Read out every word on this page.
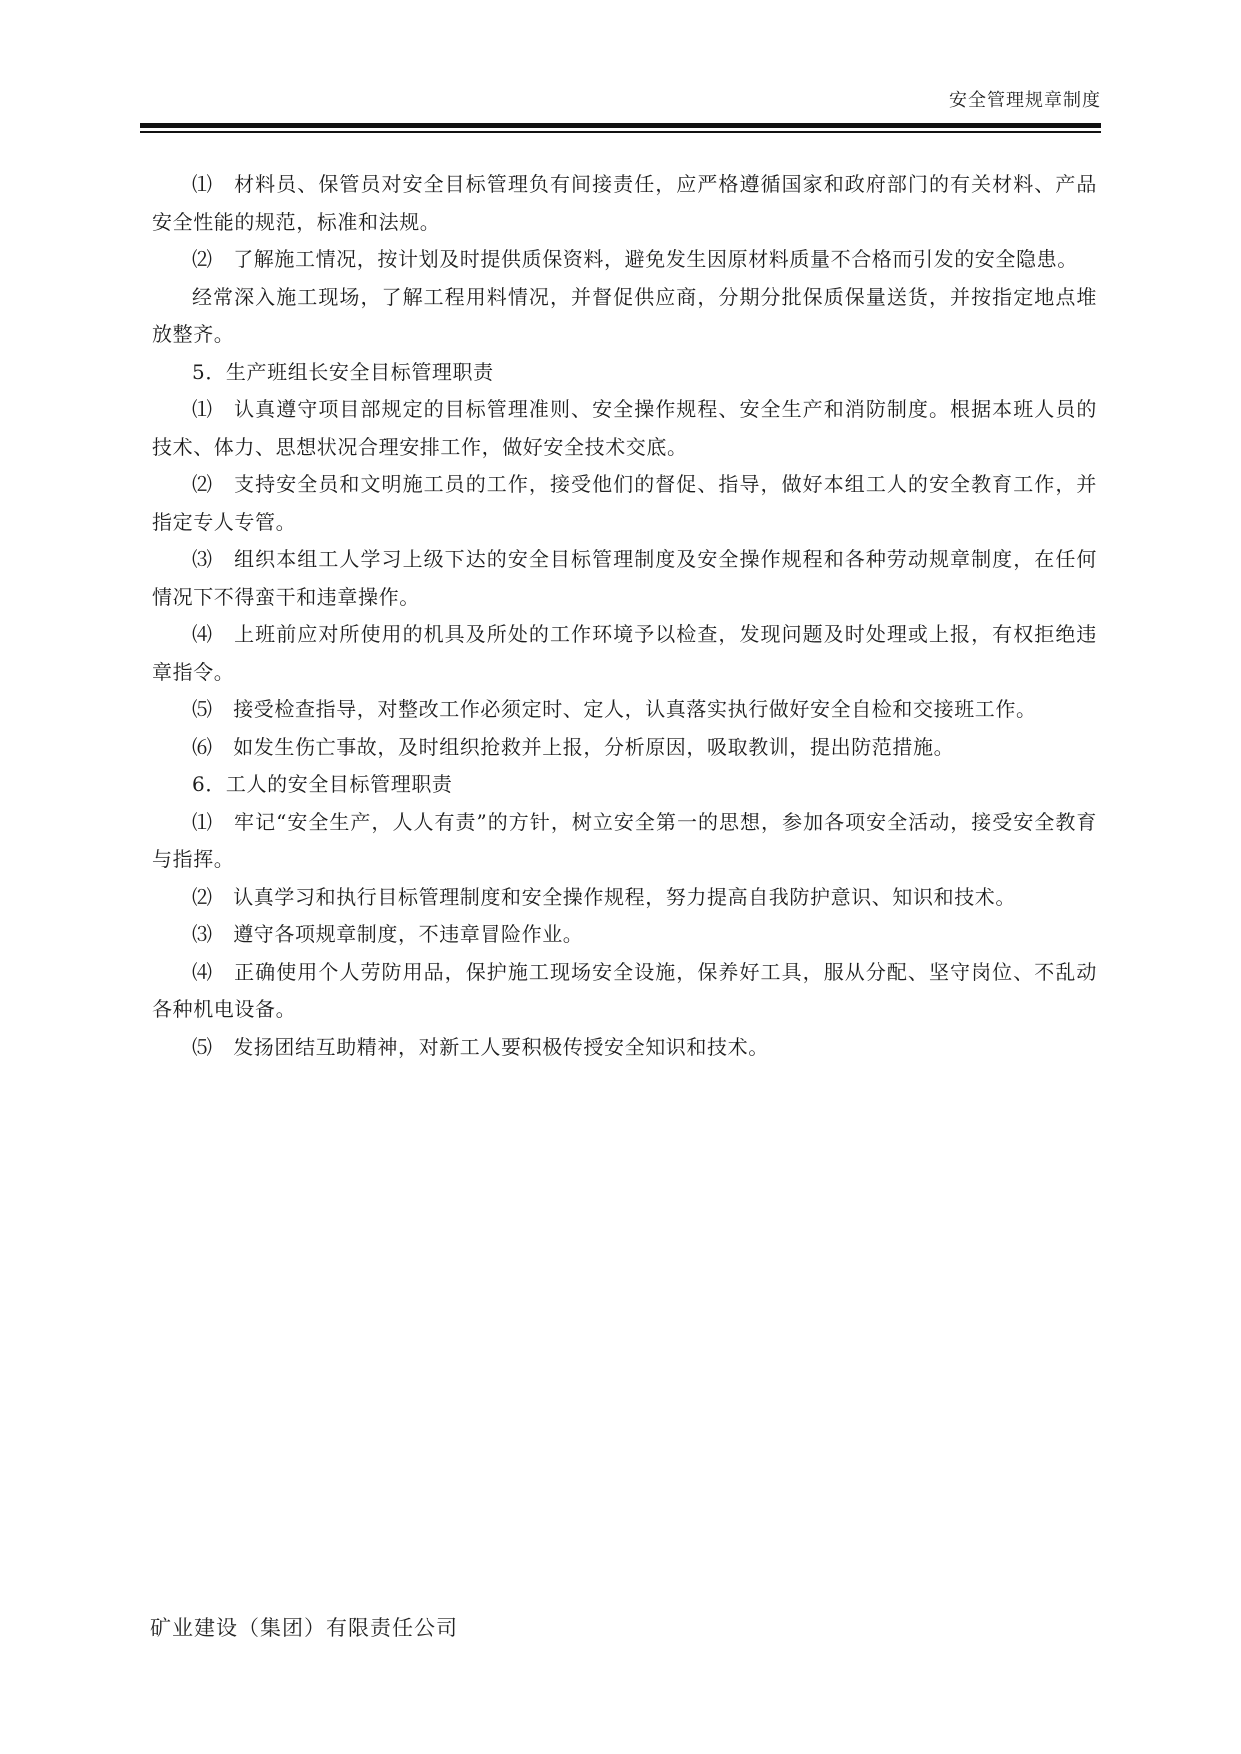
安全管理规章制度

⑴　材料员、保管员对安全目标管理负有间接责任，应严格遵循国家和政府部门的有关材料、产品安全性能的规范，标准和法规。

⑵　了解施工情况，按计划及时提供质保资料，避免发生因原材料质量不合格而引发的安全隐患。

经常深入施工现场，了解工程用料情况，并督促供应商，分期分批保质保量送货，并按指定地点堆放整齐。

5．生产班组长安全目标管理职责

⑴　认真遵守项目部规定的目标管理准则、安全操作规程、安全生产和消防制度。根据本班人员的技术、体力、思想状况合理安排工作，做好安全技术交底。

⑵　支持安全员和文明施工员的工作，接受他们的督促、指导，做好本组工人的安全教育工作，并指定专人专管。

⑶　组织本组工人学习上级下达的安全目标管理制度及安全操作规程和各种劳动规章制度，在任何情况下不得蛮干和违章操作。

⑷　上班前应对所使用的机具及所处的工作环境予以检查，发现问题及时处理或上报，有权拒绝违章指令。

⑸　接受检查指导，对整改工作必须定时、定人，认真落实执行做好安全自检和交接班工作。

⑹　如发生伤亡事故，及时组织抢救并上报，分析原因，吸取教训，提出防范措施。

6．工人的安全目标管理职责

⑴　牢记“安全生产，人人有责”的方针，树立安全第一的思想，参加各项安全活动，接受安全教育与指挥。

⑵　认真学习和执行目标管理制度和安全操作规程，努力提高自我防护意识、知识和技术。

⑶　遵守各项规章制度，不违章冒险作业。

⑷　正确使用个人劳防用品，保护施工现场安全设施，保养好工具，服从分配、坚守岗位、不乱动各种机电设备。

⑸　发扬团结互助精神，对新工人要积极传授安全知识和技术。

矿业建设（集团）有限责任公司
